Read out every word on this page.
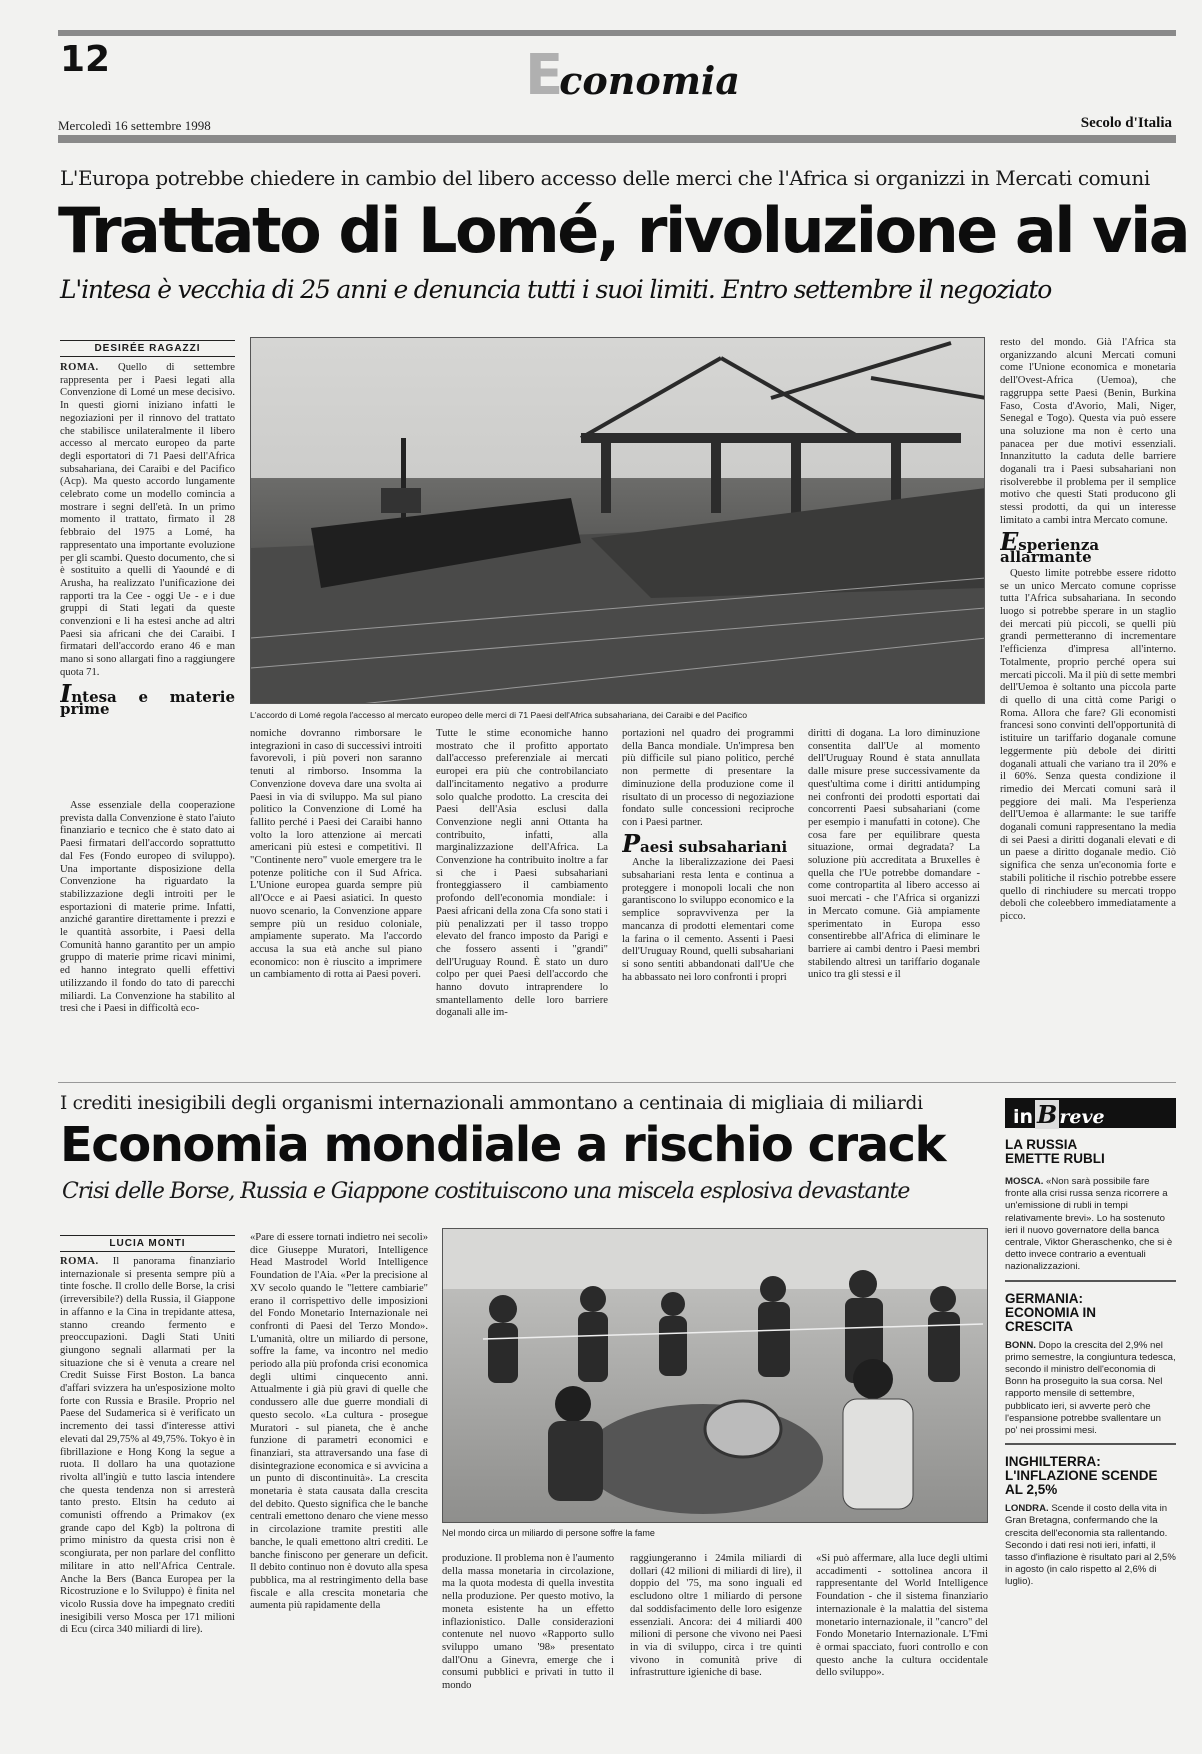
12	Economia
Mercoledì 16 settembre 1998	Secolo d'Italia
L'Europa potrebbe chiedere in cambio del libero accesso delle merci che l'Africa si organizzi in Mercati comuni
Trattato di Lomé, rivoluzione al via
L'intesa è vecchia di 25 anni e denuncia tutti i suoi limiti. Entro settembre il negoziato
DESIRÉE RAGAZZI

ROMA. Quello di settembre rappresenta per i Paesi legati alla Convenzione di Lomé un mese decisivo. In questi giorni iniziano infatti le negoziazioni per il rinnovo del trattato che stabilisce unilateralmente il libero accesso al mercato europeo da parte degli esportatori di 71 Paesi dell'Africa subsahariana, dei Caraibi e del Pacifico (Acp). Ma questo accordo lungamente celebrato come un modello comincia a mostrare i segni dell'età. In un primo momento il trattato, firmato il 28 febbraio del 1975 a Lomé, ha rappresentato una importante evoluzione per gli scambi. Questo documento, che si è sostituito a quelli di Yaoundé e di Arusha, ha realizzato l'unificazione dei rapporti tra la Cee - oggi Ue - e i due gruppi di Stati legati da queste convenzioni e li ha estesi anche ad altri Paesi sia africani che dei Caraibi. I firmatari dell'accordo erano 46 e man mano si sono allargati fino a raggiungere quota 71.

Intesa e materie prime

Asse essenziale della cooperazione prevista dalla Convenzione è stato l'aiuto finanziario e tecnico che è stato dato ai Paesi firmatari dell'accordo soprattutto dal Fes (Fondo europeo di sviluppo). Una importante disposizione della Convenzione ha riguardato la stabilizzazione degli introiti per le esportazioni di materie prime. Infatti, anziché garantire direttamente i prezzi e le quantità assorbite, i Paesi della Comunità hanno garantito per un ampio gruppo di materie prime ricavi minimi, ed hanno integrato quelli effettivi utilizzando il fondo do tato di parecchi miliardi. La Convenzione ha stabilito al tresì che i Paesi in difficoltà eco-

L'accordo di Lomé regola l'accesso al mercato europeo delle merci di 71 Paesi dell'Africa subsahariana, dei Caraibi e del Pacifico

nomiche dovranno rimborsare le integrazioni in caso di successivi introiti favorevoli, i più poveri non saranno tenuti al rimborso. Insomma la Convenzione doveva dare una svolta ai Paesi in via di sviluppo. Ma sul piano politico la Convenzione di Lomé ha fallito perché i Paesi dei Caraibi hanno volto la loro attenzione ai mercati americani più estesi e competitivi. Il "Continente nero" vuole emergere tra le potenze politiche con il Sud Africa. L'Unione europea guarda sempre più all'Occe e ai Paesi asiatici. In questo nuovo scenario, la Convenzione appare sempre più un residuo coloniale, ampiamente superato. Ma l'accordo accusa la sua età anche sul piano economico: non è riuscito a imprimere un cambiamento di rotta ai Paesi poveri.

Tutte le stime economiche hanno mostrato che il profitto apportato dall'accesso preferenziale ai mercati europei era più che controbilanciato dall'incitamento negativo a produrre solo qualche prodotto. La crescita dei Paesi dell'Asia esclusi dalla Convenzione negli anni Ottanta ha contribuito, infatti, alla marginalizzazione dell'Africa. La Convenzione ha contribuito inoltre a far sì che i Paesi subsahariani fronteggiassero il cambiamento profondo dell'economia mondiale: i Paesi africani della zona Cfa sono stati i più penalizzati per il tasso troppo elevato del franco imposto da Parigi e che fossero assenti i "grandi" dell'Uruguay Round. È stato un duro colpo per quei Paesi dell'accordo che hanno dovuto intraprendere lo smantellamento delle loro barriere doganali alle im-

portazioni nel quadro dei programmi della Banca mondiale. Un'impresa ben più difficile sul piano politico, perché non permette di presentare la diminuzione della produzione come il risultato di un processo di negoziazione fondato sulle concessioni reciproche con i Paesi partner.

Paesi subsahariani

Anche la liberalizzazione dei Paesi subsahariani resta lenta e continua a proteggere i monopoli locali che non garantiscono lo sviluppo economico e la semplice sopravvivenza per la mancanza di prodotti elementari come la farina o il cemento. Assenti i Paesi dell'Uruguay Round, quelli subsahariani si sono sentiti abbandonati dall'Ue che ha abbassato nei loro confronti i propri

diritti di dogana. La loro diminuzione consentita dall'Ue al momento dell'Uruguay Round è stata annullata dalle misure prese successivamente da quest'ultima come i diritti antidumping nei confronti dei prodotti esportati dai concorrenti Paesi subsahariani (come per esempio i manufatti in cotone). Che cosa fare per equilibrare questa situazione, ormai degradata? La soluzione più accreditata a Bruxelles è quella che l'Ue potrebbe domandare - come contropartita al libero accesso ai suoi mercati - che l'Africa si organizzi in Mercato comune. Già ampiamente sperimentato in Europa esso consentirebbe all'Africa di eliminare le barriere ai cambi dentro i Paesi membri stabilendo altresì un tariffario doganale unico tra gli stessi e il

resto del mondo. Già l'Africa sta organizzando alcuni Mercati comuni come l'Unione economica e monetaria dell'Ovest-Africa (Uemoa), che raggruppa sette Paesi (Benin, Burkina Faso, Costa d'Avorio, Mali, Niger, Senegal e Togo). Questa via può essere una soluzione ma non è certo una panacea per due motivi essenziali. Innanzitutto la caduta delle barriere doganali tra i Paesi subsahariani non risolverebbe il problema per il semplice motivo che questi Stati producono gli stessi prodotti, da qui un interesse limitato a cambi intra Mercato comune.

Esperienza allarmante

Questo limite potrebbe essere ridotto se un unico Mercato comune coprisse tutta l'Africa subsahariana. In secondo luogo si potrebbe sperare in un staglio dei mercati più piccoli, se quelli più grandi permetteranno di incrementare l'efficienza d'impresa all'interno. Totalmente, proprio perché opera sui mercati piccoli. Ma il più di sette membri dell'Uemoa è soltanto una piccola parte di quello di una città come Parigi o Roma. Allora che fare? Gli economisti francesi sono convinti dell'opportunità di istituire un tariffario doganale comune leggermente più debole dei diritti doganali attuali che variano tra il 20% e il 60%. Senza questa condizione il rimedio dei Mercati comuni sarà il peggiore dei mali. Ma l'esperienza dell'Uemoa è allarmante: le sue tariffe doganali comuni rappresentano la media di sei Paesi a diritti doganali elevati e di un paese a diritto doganale medio. Ciò significa che senza un'economia forte e stabili politiche il rischio potrebbe essere quello di rinchiudere su mercati troppo deboli che coleebbero immediatamente a picco.

I crediti inesigibili degli organismi internazionali ammontano a centinaia di migliaia di miliardi
Economia mondiale a rischio crack
Crisi delle Borse, Russia e Giappone costituiscono una miscela esplosiva devastante
LUCIA MONTI

ROMA. Il panorama finanziario internazionale si presenta sempre più a tinte fosche. Il crollo delle Borse, la crisi (irreversibile?) della Russia, il Giappone in affanno e la Cina in trepidante attesa, stanno creando fermento e preoccupazioni. Dagli Stati Uniti giungono segnali allarmati per la situazione che si è venuta a creare nel Credit Suisse First Boston. La banca d'affari svizzera ha un'esposizione molto forte con Russia e Brasile. Proprio nel Paese del Sudamerica si è verificato un incremento dei tassi d'interesse attivi elevati dal 29,75% al 49,75%. Tokyo è in fibrillazione e Hong Kong la segue a ruota. Il dollaro ha una quotazione rivolta all'ingiù e tutto lascia intendere che questa tendenza non si arresterà tanto presto. Eltsin ha ceduto ai comunisti offrendo a Primakov (ex grande capo del Kgb) la poltrona di primo ministro da questa crisi non è scongiurata, per non parlare del conflitto militare in atto nell'Africa Centrale. Anche la Bers (Banca Europea per la Ricostruzione e lo Sviluppo) è finita nel vicolo Russia dove ha impegnato crediti inesigibili verso Mosca per 171 milioni di Ecu (circa 340 miliardi di lire).

«Pare di essere tornati indietro nei secoli» dice Giuseppe Muratori, Intelligence Head Mastrodel World Intelligence Foundation de l'Aia. «Per la precisione al XV secolo quando le "lettere cambiarie" erano il corrispettivo delle imposizioni del Fondo Monetario Internazionale nei confronti di Paesi del Terzo Mondo». L'umanità, oltre un miliardo di persone, soffre la fame, va incontro nel medio periodo alla più profonda crisi economica degli ultimi cinquecento anni. Attualmente i già più gravi di quelle che condussero alle due guerre mondiali di questo secolo. «La cultura - prosegue Muratori - sul pianeta, che è anche funzione di parametri economici e finanziari, sta attraversando una fase di disintegrazione economica e si avvicina a un punto di discontinuità». La crescita monetaria è stata causata dalla crescita del debito. Questo significa che le banche centrali emettono denaro che viene messo in circolazione tramite prestiti alle banche, le quali emettono altri crediti. Le banche finiscono per generare un deficit. Il debito continuo non è dovuto alla spesa pubblica, ma al restringimento della base fiscale e alla crescita monetaria che aumenta più rapidamente della

Nel mondo circa un miliardo di persone soffre la fame

produzione. Il problema non è l'aumento della massa monetaria in circolazione, ma la quota modesta di quella investita nella produzione. Per questo motivo, la moneta esistente ha un effetto inflazionistico. Dalle considerazioni contenute nel nuovo «Rapporto sullo sviluppo umano '98» presentato dall'Onu a Ginevra, emerge che i consumi pubblici e privati in tutto il mondo

raggiungeranno i 24mila miliardi di dollari (42 milioni di miliardi di lire), il doppio del '75, ma sono inguali ed escludono oltre 1 miliardo di persone dal soddisfacimento delle loro esigenze essenziali. Ancora: dei 4 miliardi 400 milioni di persone che vivono nei Paesi in via di sviluppo, circa i tre quinti vivono in comunità prive di infrastrutture igieniche di base.

«Si può affermare, alla luce degli ultimi accadimenti - sottolinea ancora il rappresentante del World Intelligence Foundation - che il sistema finanziario internazionale è la malattia del sistema monetario internazionale, il "cancro" del Fondo Monetario Internazionale. L'Fmi è ormai spacciato, fuori controllo e con questo anche la cultura occidentale dello sviluppo».

in B reve
LA RUSSIA EMETTE RUBLI
MOSCA. «Non sarà possibile fare fronte alla crisi russa senza ricorrere a un'emissione di rubli in tempi relativamente brevi». Lo ha sostenuto ieri il nuovo governatore della banca centrale, Viktor Gheraschenko, che si è detto invece contrario a eventuali nazionalizzazioni.
GERMANIA: ECONOMIA IN CRESCITA
BONN. Dopo la crescita del 2,9% nel primo semestre, la congiuntura tedesca, secondo il ministro dell'economia di Bonn ha proseguito la sua corsa. Nel rapporto mensile di settembre, pubblicato ieri, si avverte però che l'espansione potrebbe svallentare un po' nei prossimi mesi.
INGHILTERRA: L'INFLAZIONE SCENDE AL 2,5%
LONDRA. Scende il costo della vita in Gran Bretagna, confermando che la crescita dell'economia sta rallentando. Secondo i dati resi noti ieri, infatti, il tasso d'inflazione è risultato pari al 2,5% in agosto (in calo rispetto al 2,6% di luglio).
